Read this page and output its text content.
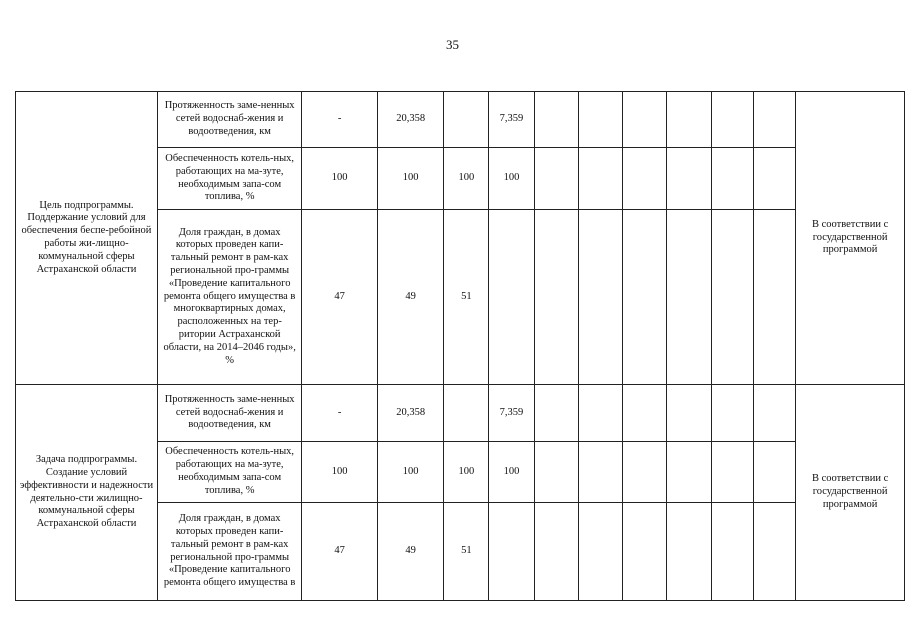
35
Цель подпрограммы. Поддержание условий для обеспечения беспе-ребойной работы жи-лищно-коммунальной сферы Астраханской области	Протяженность заме-ненных сетей водоснаб-жения и водоотведения, км	-	20,358		7,359							В соответствии с государственной программой
	Обеспеченность котель-ных, работающих на ма-зуте, необходимым запа-сом топлива, %	100	100	100	100							
	Доля граждан, в домах которых проведен капи-тальный ремонт в рам-ках региональной про-граммы «Проведение капитального ремонта общего имущества в многоквартирных домах, расположенных на тер-ритории Астраханской области, на 2014–2046 годы», %	47	49	51								
Задача подпрограммы. Создание условий эффективности и надежности деятельно-сти жилищно-коммунальной сферы Астраханской области	Протяженность заме-ненных сетей водоснаб-жения и водоотведения, км	-	20,358		7,359							В соответствии с государственной программой
	Обеспеченность котель-ных, работающих на ма-зуте, необходимым запа-сом топлива, %	100	100	100	100							
	Доля граждан, в домах которых проведен капи-тальный ремонт в рам-ках региональной про-граммы «Проведение капитального ремонта общего имущества в	47	49	51								
